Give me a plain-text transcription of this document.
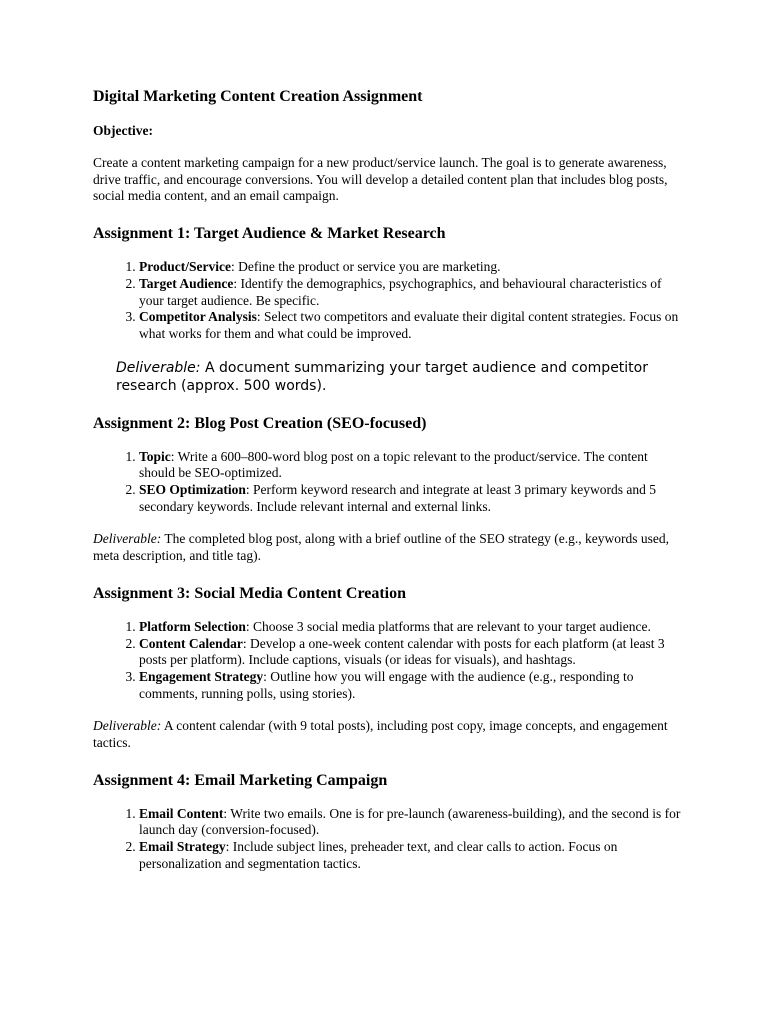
Digital Marketing Content Creation Assignment
Objective:

Create a content marketing campaign for a new product/service launch. The goal is to generate awareness, drive traffic, and encourage conversions. You will develop a detailed content plan that includes blog posts, social media content, and an email campaign.

Assignment 1: Target Audience & Market Research
1. Product/Service: Define the product or service you are marketing.
2. Target Audience: Identify the demographics, psychographics, and behavioural characteristics of your target audience. Be specific.
3. Competitor Analysis: Select two competitors and evaluate their digital content strategies. Focus on what works for them and what could be improved.

Deliverable: A document summarizing your target audience and competitor research (approx. 500 words).

Assignment 2: Blog Post Creation (SEO-focused)
1. Topic: Write a 600–800-word blog post on a topic relevant to the product/service. The content should be SEO-optimized.
2. SEO Optimization: Perform keyword research and integrate at least 3 primary keywords and 5 secondary keywords. Include relevant internal and external links.

Deliverable: The completed blog post, along with a brief outline of the SEO strategy (e.g., keywords used, meta description, and title tag).

Assignment 3: Social Media Content Creation
1. Platform Selection: Choose 3 social media platforms that are relevant to your target audience.
2. Content Calendar: Develop a one-week content calendar with posts for each platform (at least 3 posts per platform). Include captions, visuals (or ideas for visuals), and hashtags.
3. Engagement Strategy: Outline how you will engage with the audience (e.g., responding to comments, running polls, using stories).

Deliverable: A content calendar (with 9 total posts), including post copy, image concepts, and engagement tactics.

Assignment 4: Email Marketing Campaign
1. Email Content: Write two emails. One is for pre-launch (awareness-building), and the second is for launch day (conversion-focused).
2. Email Strategy: Include subject lines, preheader text, and clear calls to action. Focus on personalization and segmentation tactics.
